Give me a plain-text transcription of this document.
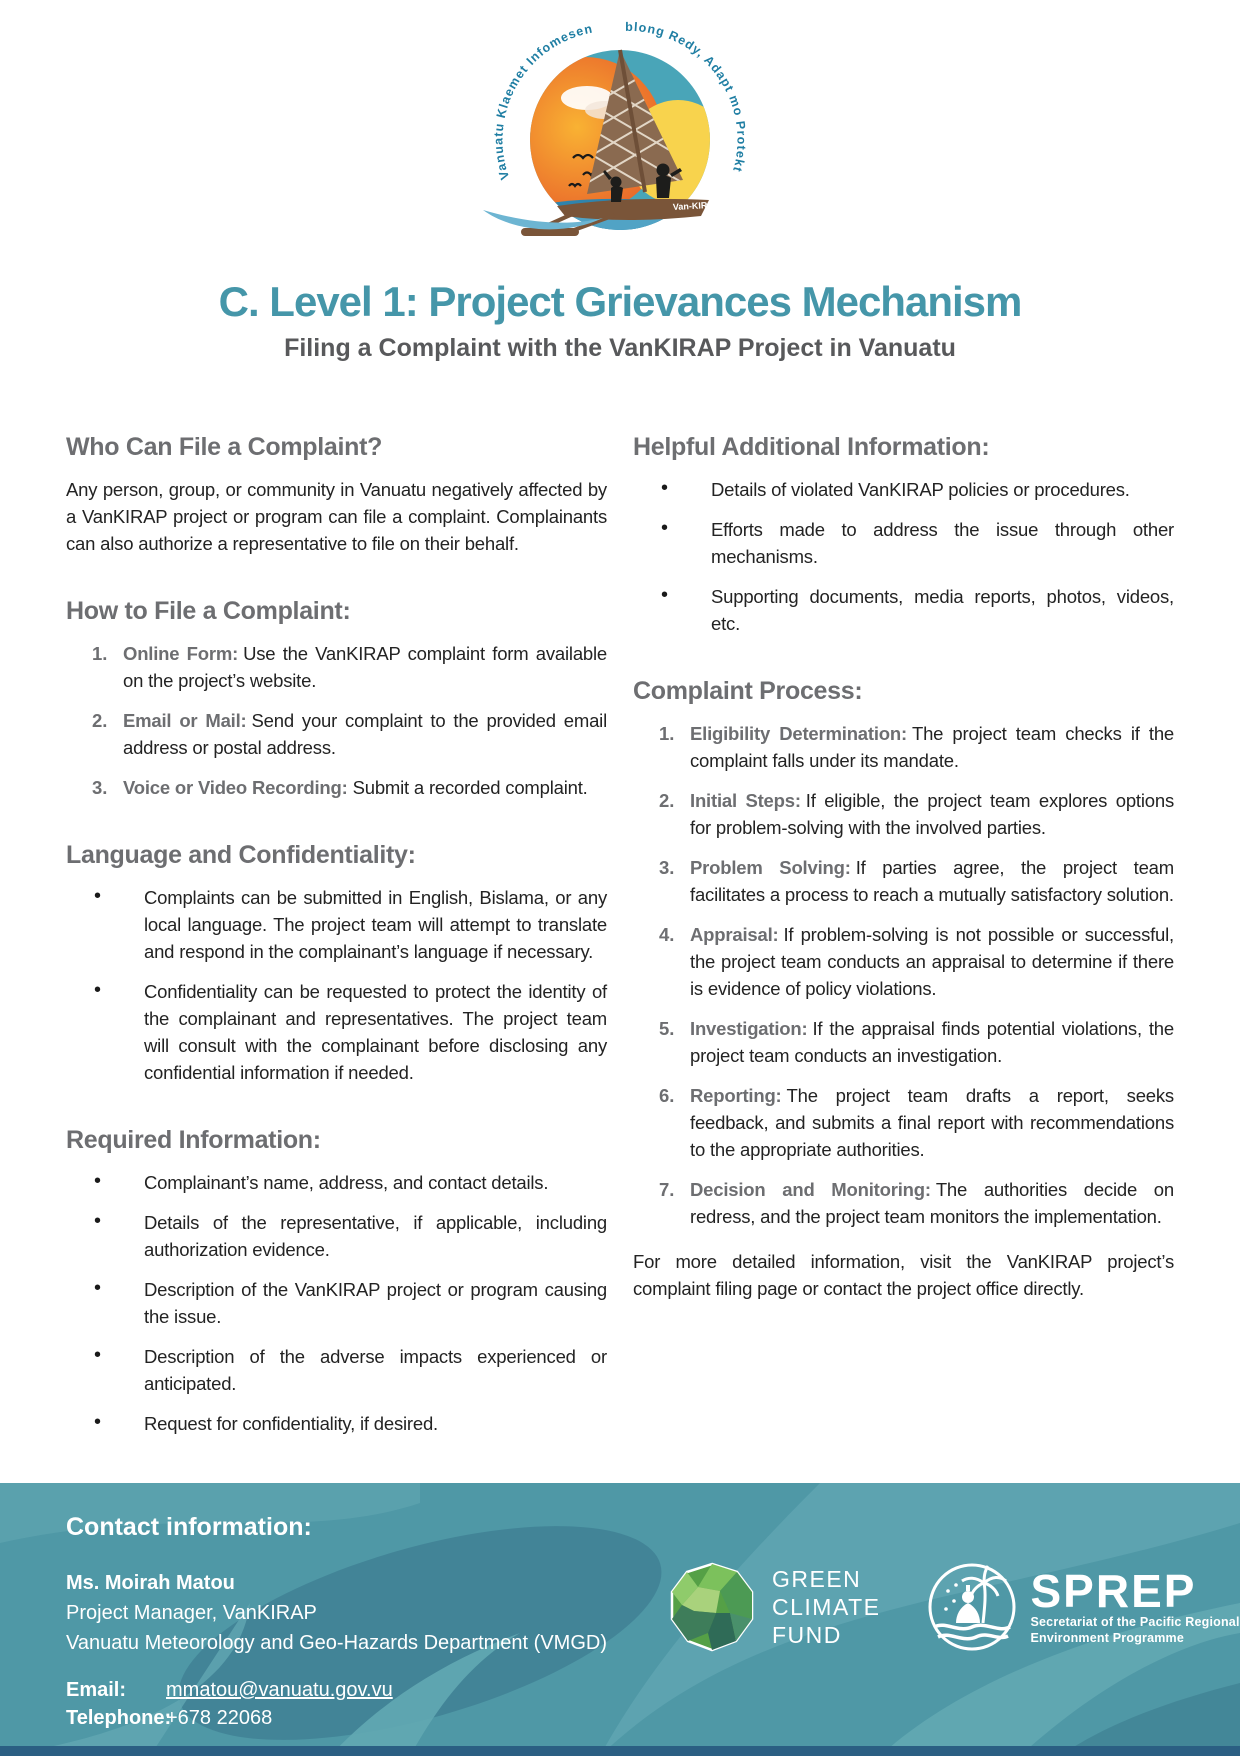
Van-KIRAP
Vanuatu Klaemet Infomesen blong Redy, Adapt mo Protekt
C. Level 1: Project Grievances Mechanism
Filing a Complaint with the VanKIRAP Project in Vanuatu
Who Can File a Complaint?

Any person, group, or community in Vanuatu negatively affected by a VanKIRAP project or program can file a complaint. Complainants can also authorize a representative to file on their behalf.

How to File a Complaint:
1. Online Form: Use the VanKIRAP complaint form available on the project’s website.
2. Email or Mail: Send your complaint to the provided email address or postal address.
3. Voice or Video Recording: Submit a recorded complaint.
Language and Confidentiality:
• Complaints can be submitted in English, Bislama, or any local language. The project team will attempt to translate and respond in the complainant’s language if necessary.
• Confidentiality can be requested to protect the identity of the complainant and representatives. The project team will consult with the complainant before disclosing any confidential information if needed.
Required Information:
• Complainant’s name, address, and contact details.
• Details of the representative, if applicable, including authorization evidence.
• Description of the VanKIRAP project or program causing the issue.
• Description of the adverse impacts experienced or anticipated.
• Request for confidentiality, if desired.
Helpful Additional Information:
• Details of violated VanKIRAP policies or procedures.
• Efforts made to address the issue through other mechanisms.
• Supporting documents, media reports, photos, videos, etc.
Complaint Process:
1. Eligibility Determination: The project team checks if the complaint falls under its mandate.
2. Initial Steps: If eligible, the project team explores options for problem-solving with the involved parties.
3. Problem Solving: If parties agree, the project team facilitates a process to reach a mutually satisfactory solution.
4. Appraisal: If problem-solving is not possible or successful, the project team conducts an appraisal to determine if there is evidence of policy violations.
5. Investigation: If the appraisal finds potential violations, the project team conducts an investigation.
6. Reporting: The project team drafts a report, seeks feedback, and submits a final report with recommendations to the appropriate authorities.
7. Decision and Monitoring: The authorities decide on redress, and the project team monitors the implementation.

For more detailed information, visit the VanKIRAP project’s complaint filing page or contact the project office directly.

Contact information:

Ms. Moirah Matou
Project Manager, VanKIRAP
Vanuatu Meteorology and Geo-Hazards Department (VMGD)
Email:	mmatou@vanuatu.gov.vu
Telephone:
+678 22068
GREEN
CLIMATE
FUND
SPREP
Secretariat of the Pacific Regional
Environment Programme
